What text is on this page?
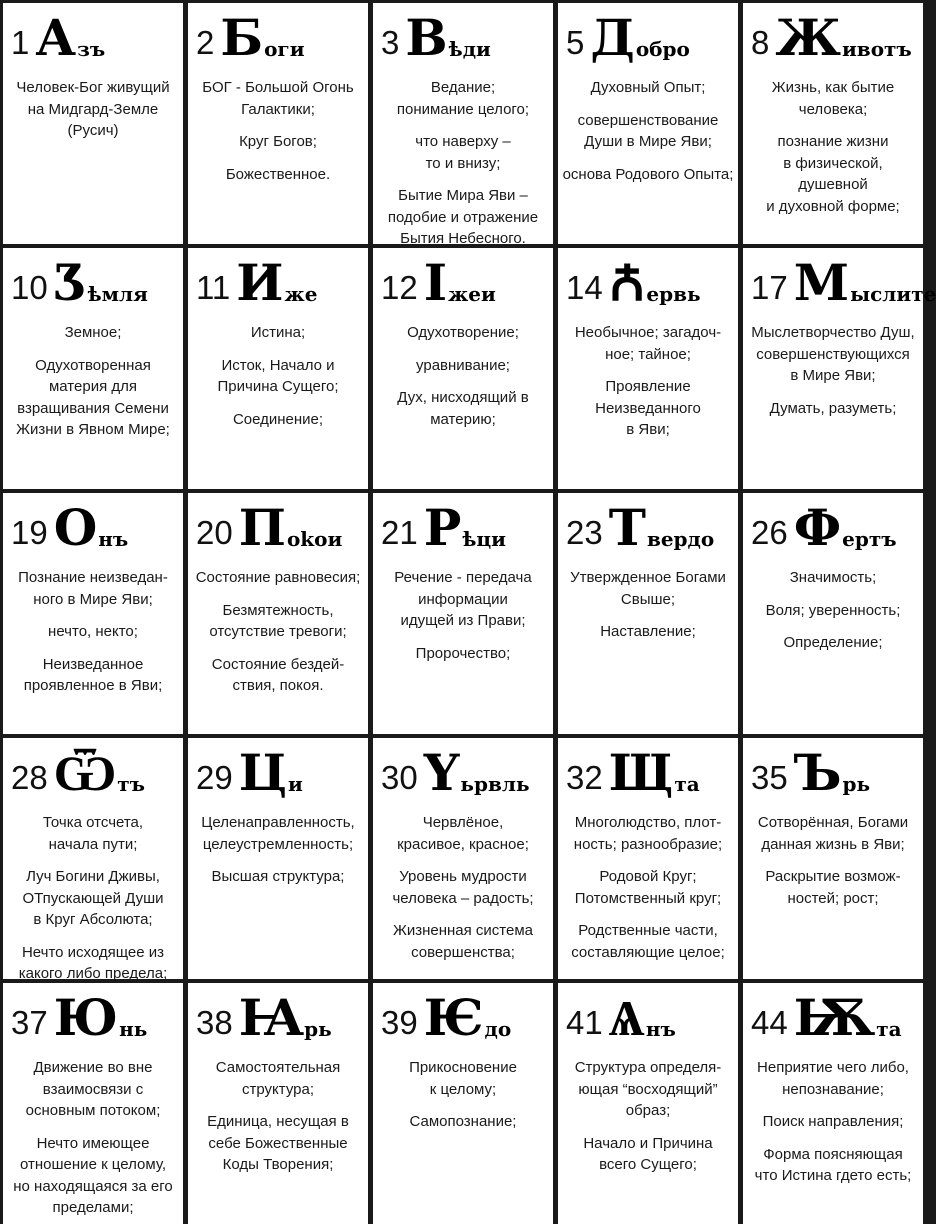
1 А зъ

Человек-Бог живущий
на Мидгард-Земле
(Русич)

2 Б оги

БОГ - Большой Огонь
Галактики;

Круг Богов;

Божественное.

3 В ѣди

Ведание;
понимание целого;

что наверху –
то и внизу;

Бытие Мира Яви –
подобие и отражение
Бытия Небесного.

5 Д обро

Духовный Опыт;

совершенствование
Души в Мире Яви;

основа Родового Опыта;

8 Ж ивотъ

Жизнь, как бытие
человека;

познание жизни
в физической, душевной
и духовной форме;

10 Ʒ ѣмля

Земное;

Одухотворенная
материя для
взращивания Семени
Жизни в Явном Мире;

11 И же

Истина;

Исток, Начало и
Причина Сущего;

Соединение;

12 І жеи

Одухотворение;

уравнивание;

Дух, нисходящий в
материю;

14 Ꙉ ервь

Необычное; загадоч-
ное; тайное;

Проявление
Неизведанного
в Яви;

17 М ыслите

Мыслетворчество Душ,
совершенствующихся
в Мире Яви;

Думать, разуметь;

19 О нъ

Познание неизведан-
ного в Мире Яви;

нечто, некто;

Неизведанное
проявленное в Яви;

20 П okoи

Состояние равновесия;

Безмятежность,
отсутствие тревоги;

Состояние бездей-
ствия, покоя.

21 Р ѣци

Речение - передача
информации
идущей из Прави;

Пророчество;

23 Т вердо

Утвержденное Богами
Свыше;

Наставление;

26 Ф ертъ

Значимость;

Воля; уверенность;

Определение;

28 Ѿ тъ

Точка отсчета,
начала пути;

Луч Богини Дживы,
ОТпускающей Души
в Круг Абсолюта;

Нечто исходящее из
какого либо предела;

29 Ц и

Целенаправленность,
целеустремленность;

Высшая структура;

30 Ү ьрвль

Червлёное,
красивое, красное;

Уровень мудрости
человека – радость;

Жизненная система
совершенства;

32 Щ та

Многолюдство, плот-
ность; разнообразие;

Родовой Круг;
Потомственный круг;

Родственные части,
составляющие целое;

35 Ъ рь

Сотворённая, Богами
данная жизнь в Яви;

Раскрытие возмож-
ностей; рост;

37 Ю нь

Движение во вне
взаимосвязи с
основным потоком;

Нечто имеющее
отношение к целому,
но находящаяся за его
пределами;

38 Ꙗ рь

Самостоятельная
структура;

Единица, несущая в
себе Божественные
Коды Творения;

39 Ѥ до

Прикосновение
к целому;

Самопознание;

41 Ѧ нъ

Структура определя-
ющая “восходящий”
образ;

Начало и Причина
всего Сущего;

44 Ѭ та

Неприятие чего либо,
непознавание;

Поиск направления;

Форма поясняющая
что Истина гдето есть;
